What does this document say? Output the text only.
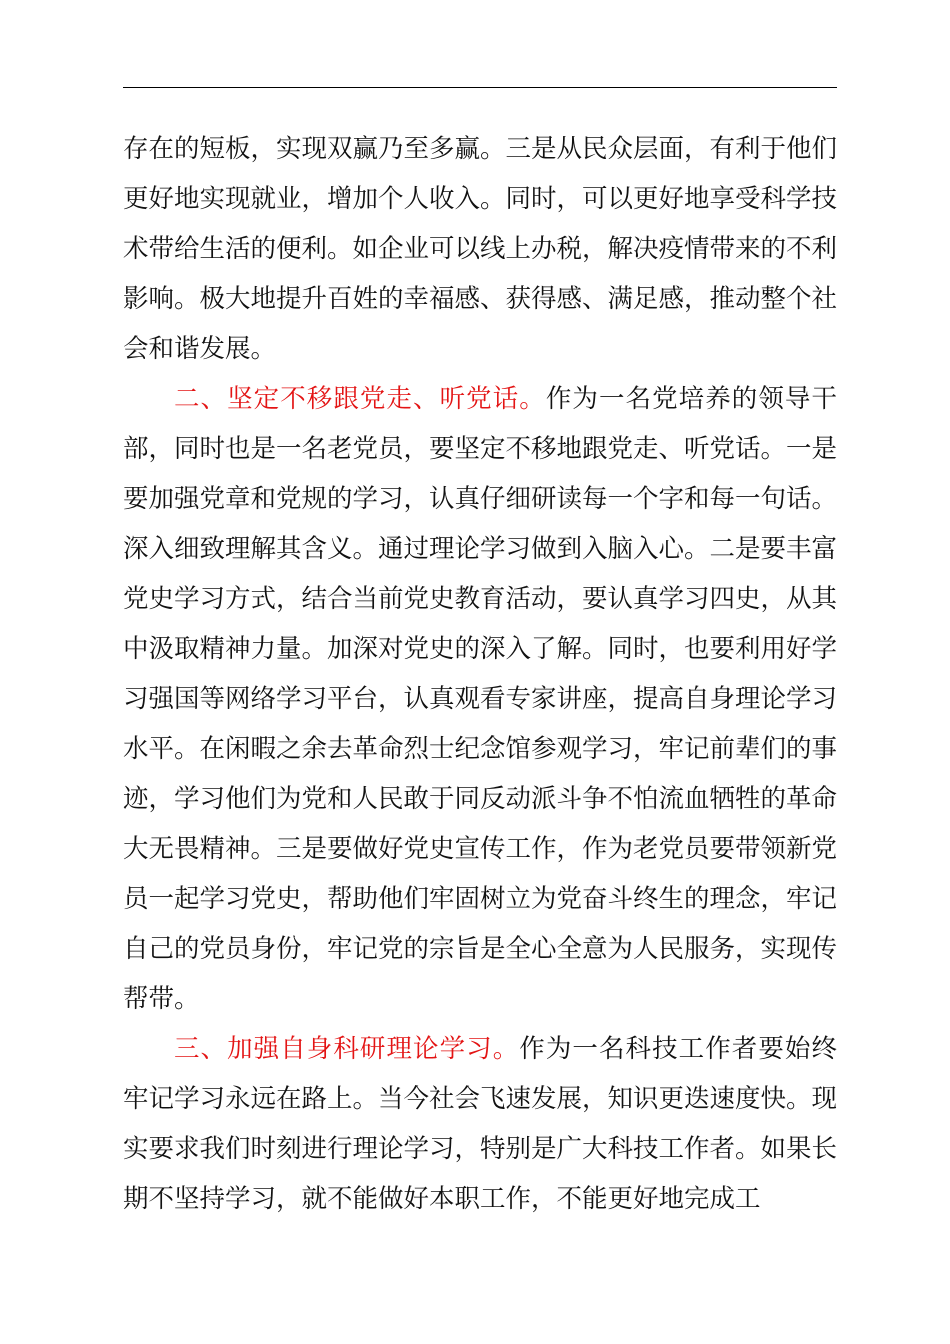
存在的短板，实现双赢乃至多赢。三是从民众层面，有利于他们更好地实现就业，增加个人收入。同时，可以更好地享受科学技术带给生活的便利。如企业可以线上办税，解决疫情带来的不利影响。极大地提升百姓的幸福感、获得感、满足感，推动整个社会和谐发展。

二、坚定不移跟党走、听党话。作为一名党培养的领导干部，同时也是一名老党员，要坚定不移地跟党走、听党话。一是要加强党章和党规的学习，认真仔细研读每一个字和每一句话。深入细致理解其含义。通过理论学习做到入脑入心。二是要丰富党史学习方式，结合当前党史教育活动，要认真学习四史，从其中汲取精神力量。加深对党史的深入了解。同时，也要利用好学习强国等网络学习平台，认真观看专家讲座，提高自身理论学习水平。在闲暇之余去革命烈士纪念馆参观学习，牢记前辈们的事迹，学习他们为党和人民敢于同反动派斗争不怕流血牺牲的革命大无畏精神。三是要做好党史宣传工作，作为老党员要带领新党员一起学习党史，帮助他们牢固树立为党奋斗终生的理念，牢记自己的党员身份，牢记党的宗旨是全心全意为人民服务，实现传帮带。

三、加强自身科研理论学习。作为一名科技工作者要始终牢记学习永远在路上。当今社会飞速发展，知识更迭速度快。现实要求我们时刻进行理论学习，特别是广大科技工作者。如果长期不坚持学习，就不能做好本职工作，不能更好地完成工
